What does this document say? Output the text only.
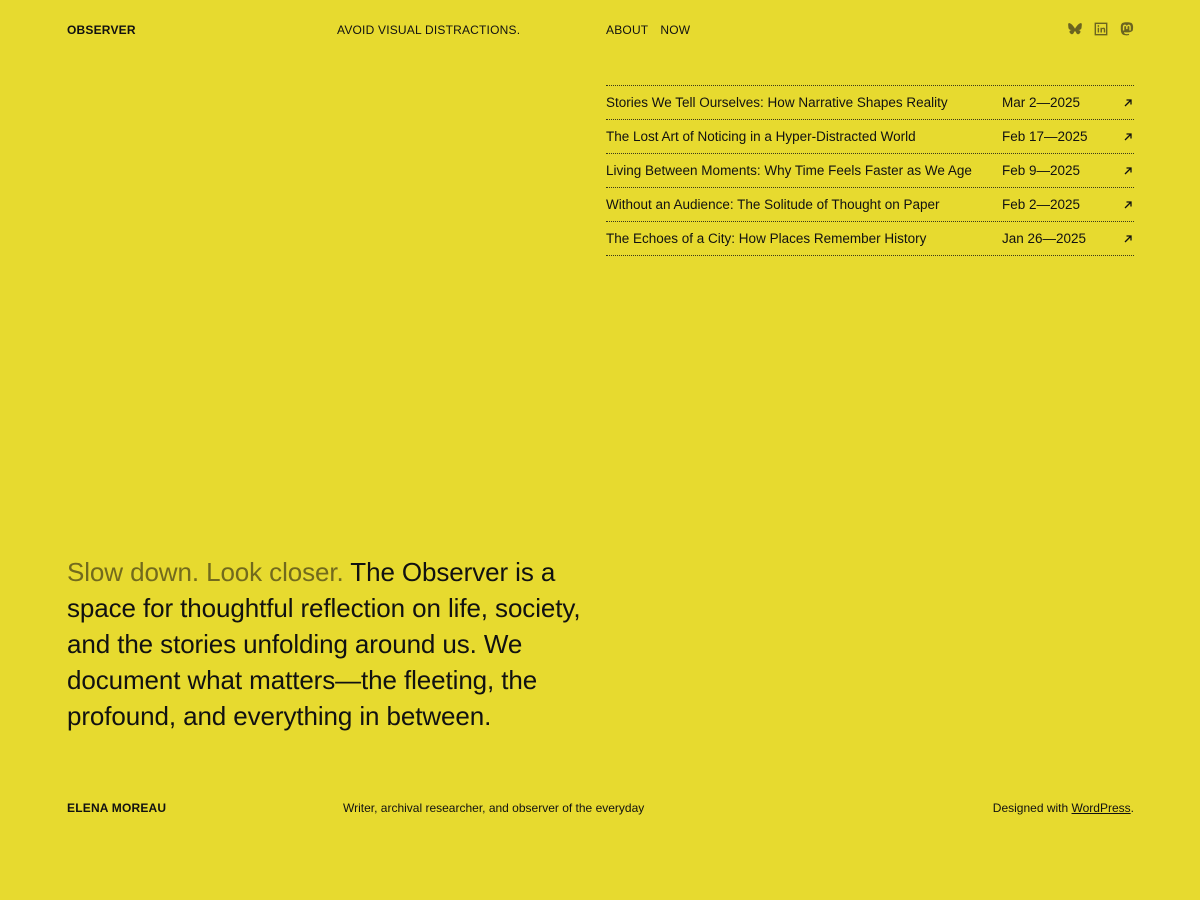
OBSERVER	AVOID VISUAL DISTRACTIONS.	ABOUT NOW
Stories We Tell Ourselves: How Narrative Shapes Reality	Mar 2—2025
The Lost Art of Noticing in a Hyper-Distracted World	Feb 17—2025
Living Between Moments: Why Time Feels Faster as We Age	Feb 9—2025
Without an Audience: The Solitude of Thought on Paper	Feb 2—2025
The Echoes of a City: How Places Remember History	Jan 26—2025

Slow down. Look closer. The Observer is a space for thoughtful reflection on life, society, and the stories unfolding around us. We document what matters—the fleeting, the profound, and everything in between.

ELENA MOREAU	Writer, archival researcher, and observer of the everyday	Designed with WordPress.
